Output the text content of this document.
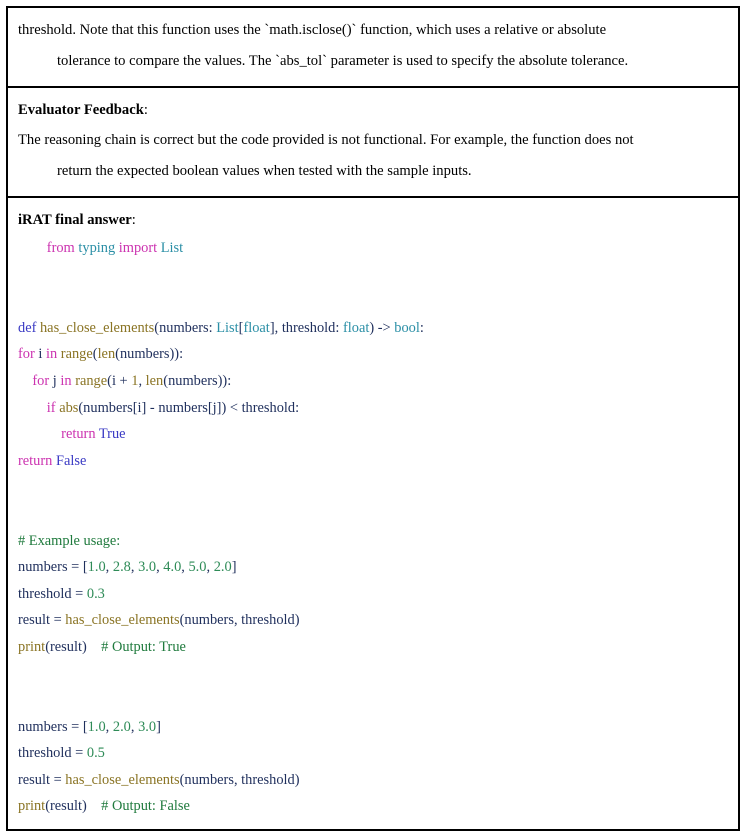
threshold. Note that this function uses the `math.isclose()` function, which uses a relative or absolute

tolerance to compare the values. The `abs_tol` parameter is used to specify the absolute tolerance.

Evaluator Feedback:

The reasoning chain is correct but the code provided is not functional. For example, the function does not

return the expected boolean values when tested with the sample inputs.

iRAT final answer:

from typing import List

def has_close_elements(numbers: List[float], threshold: float) -> bool:
for i in range(len(numbers)):
for j in range(i + 1, len(numbers)):
if abs(numbers[i] - numbers[j]) < threshold:
return True
return False

# Example usage:
numbers = [1.0, 2.8, 3.0, 4.0, 5.0, 2.0]
threshold = 0.3
result = has_close_elements(numbers, threshold)
print(result) # Output: True

numbers = [1.0, 2.0, 3.0]
threshold = 0.5
result = has_close_elements(numbers, threshold)
print(result) # Output: False
